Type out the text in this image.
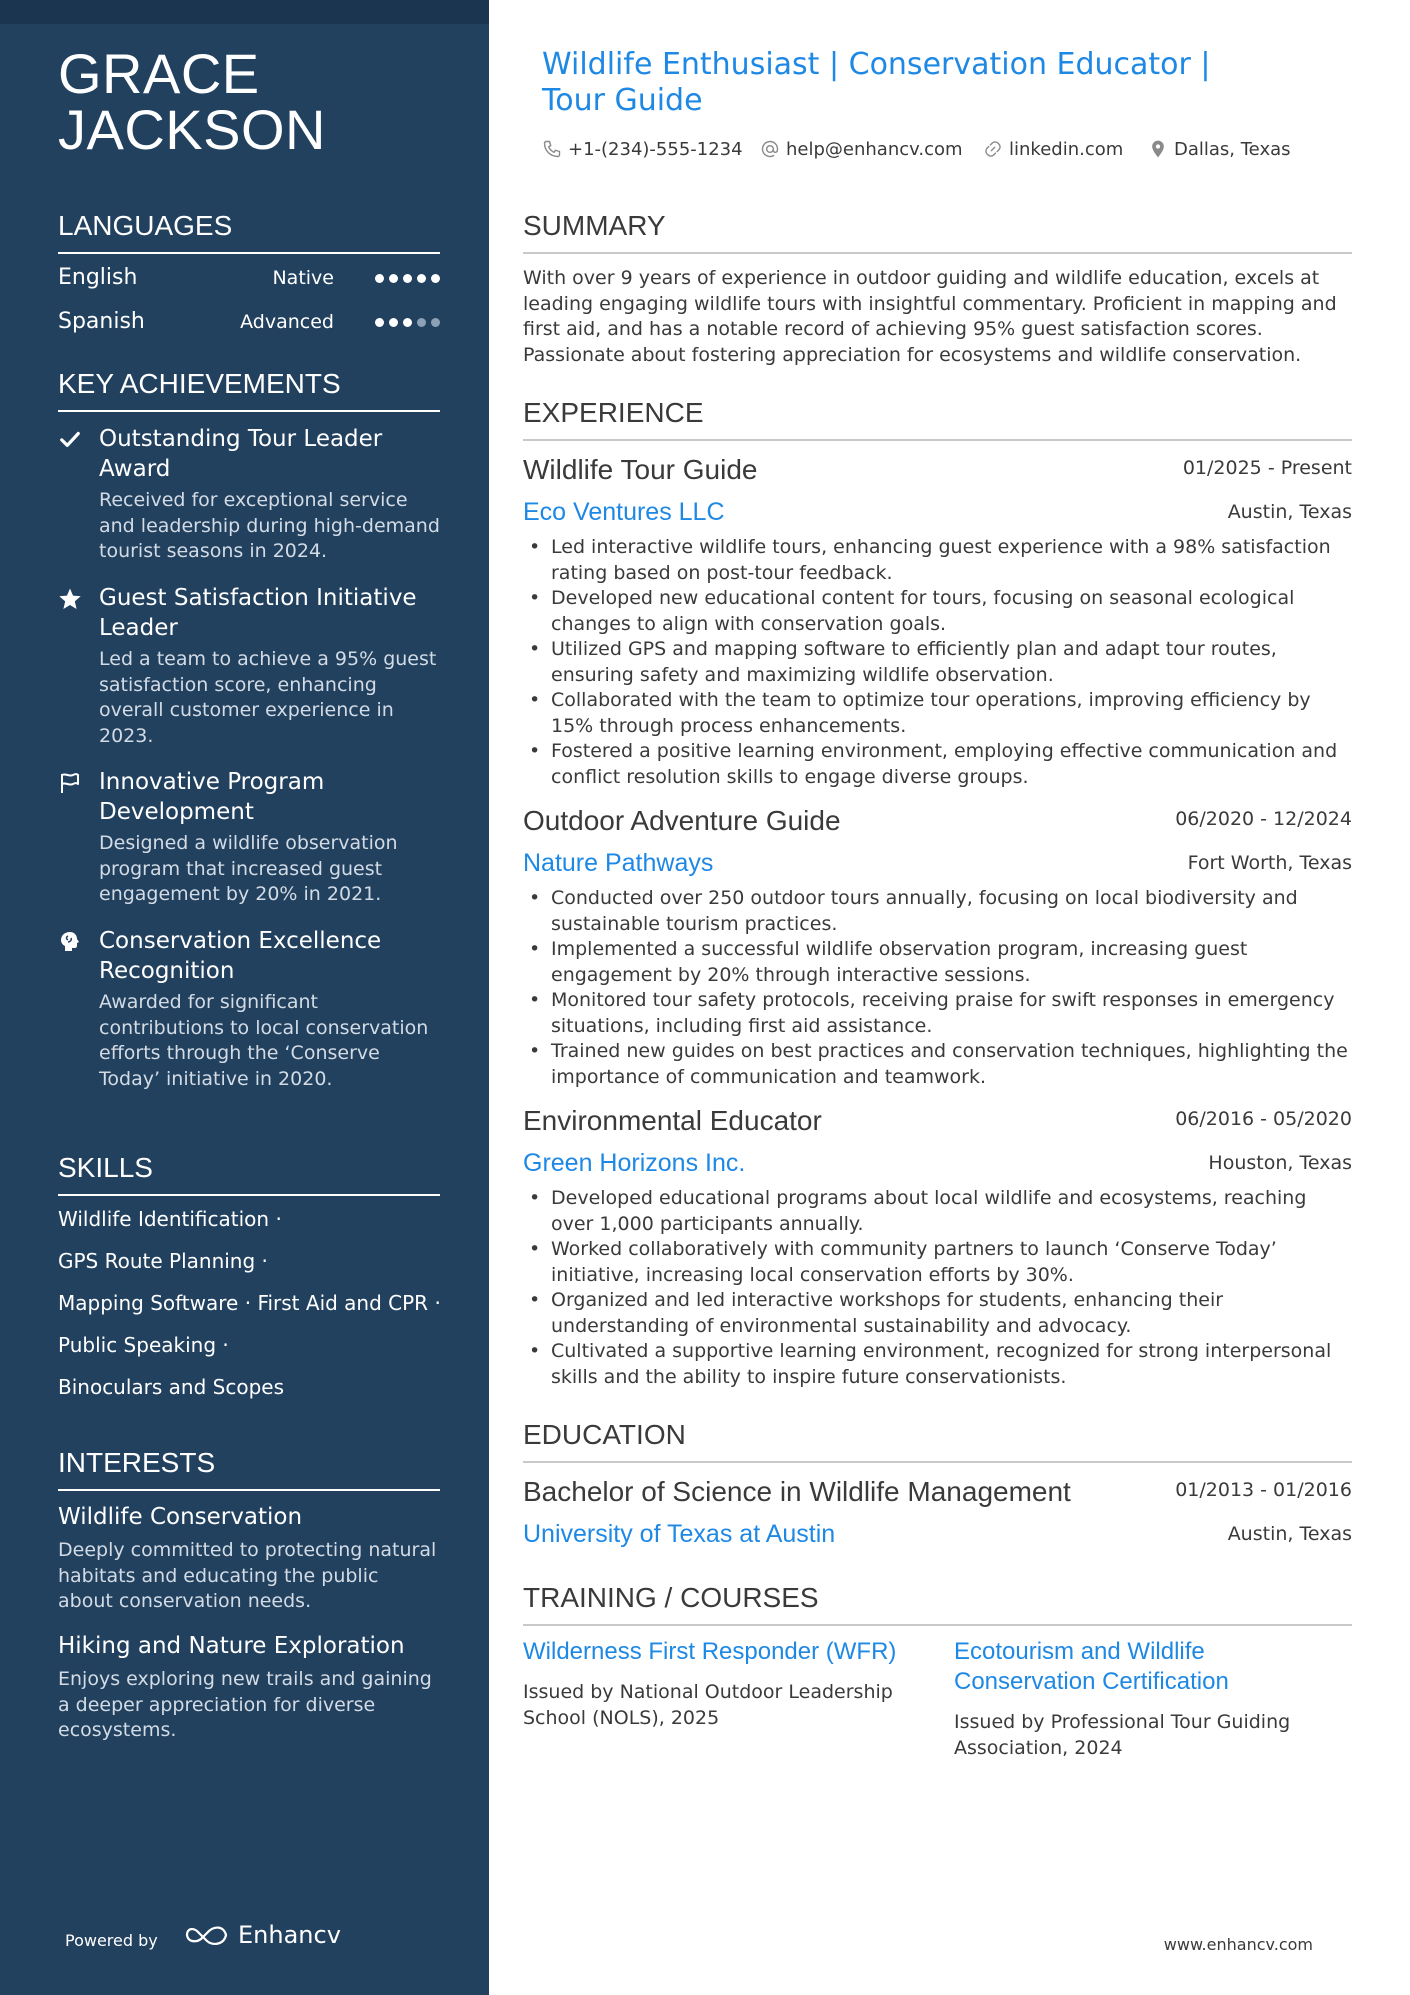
GRACE
JACKSON
LANGUAGES
English	Native
Spanish	Advanced
KEY ACHIEVEMENTS
Outstanding Tour Leader Award
Received for exceptional service and leadership during high-demand tourist seasons in 2024.
Guest Satisfaction Initiative Leader
Led a team to achieve a 95% guest satisfaction score, enhancing overall customer experience in 2023.
Innovative Program Development
Designed a wildlife observation program that increased guest engagement by 20% in 2021.
Conservation Excellence Recognition
Awarded for significant contributions to local conservation efforts through the ‘Conserve Today’ initiative in 2020.
SKILLS
Wildlife Identification ·
GPS Route Planning ·
Mapping Software · First Aid and CPR ·
Public Speaking ·
Binoculars and Scopes
INTERESTS
Wildlife Conservation
Deeply committed to protecting natural habitats and educating the public about conservation needs.
Hiking and Nature Exploration
Enjoys exploring new trails and gaining a deeper appreciation for diverse ecosystems.
Powered by	Enhancv
Wildlife Enthusiast | Conservation Educator | Tour Guide
+1-(234)-555-1234 help@enhancv.com	linkedin.com	Dallas, Texas
SUMMARY

With over 9 years of experience in outdoor guiding and wildlife education, excels at leading engaging wildlife tours with insightful commentary. Proficient in mapping and first aid, and has a notable record of achieving 95% guest satisfaction scores. Passionate about fostering appreciation for ecosystems and wildlife conservation.

EXPERIENCE
Wildlife Tour Guide	01/2025 - Present
Eco Ventures LLC	Austin, Texas
• Led interactive wildlife tours, enhancing guest experience with a 98% satisfaction rating based on post-tour feedback.
• Developed new educational content for tours, focusing on seasonal ecological changes to align with conservation goals.
• Utilized GPS and mapping software to efficiently plan and adapt tour routes, ensuring safety and maximizing wildlife observation.
• Collaborated with the team to optimize tour operations, improving efficiency by 15% through process enhancements.
• Fostered a positive learning environment, employing effective communication and conflict resolution skills to engage diverse groups.
Outdoor Adventure Guide	06/2020 - 12/2024
Nature Pathways	Fort Worth, Texas
• Conducted over 250 outdoor tours annually, focusing on local biodiversity and sustainable tourism practices.
• Implemented a successful wildlife observation program, increasing guest engagement by 20% through interactive sessions.
• Monitored tour safety protocols, receiving praise for swift responses in emergency situations, including first aid assistance.
• Trained new guides on best practices and conservation techniques, highlighting the importance of communication and teamwork.
Environmental Educator	06/2016 - 05/2020
Green Horizons Inc.	Houston, Texas
• Developed educational programs about local wildlife and ecosystems, reaching over 1,000 participants annually.
• Worked collaboratively with community partners to launch ‘Conserve Today’ initiative, increasing local conservation efforts by 30%.
• Organized and led interactive workshops for students, enhancing their understanding of environmental sustainability and advocacy.
• Cultivated a supportive learning environment, recognized for strong interpersonal skills and the ability to inspire future conservationists.
EDUCATION
Bachelor of Science in Wildlife Management	01/2013 - 01/2016
University of Texas at Austin	Austin, Texas
TRAINING / COURSES
Wilderness First Responder (WFR)
Issued by National Outdoor Leadership School (NOLS), 2025
Ecotourism and Wildlife Conservation Certification
Issued by Professional Tour Guiding Association, 2024
www.enhancv.com
